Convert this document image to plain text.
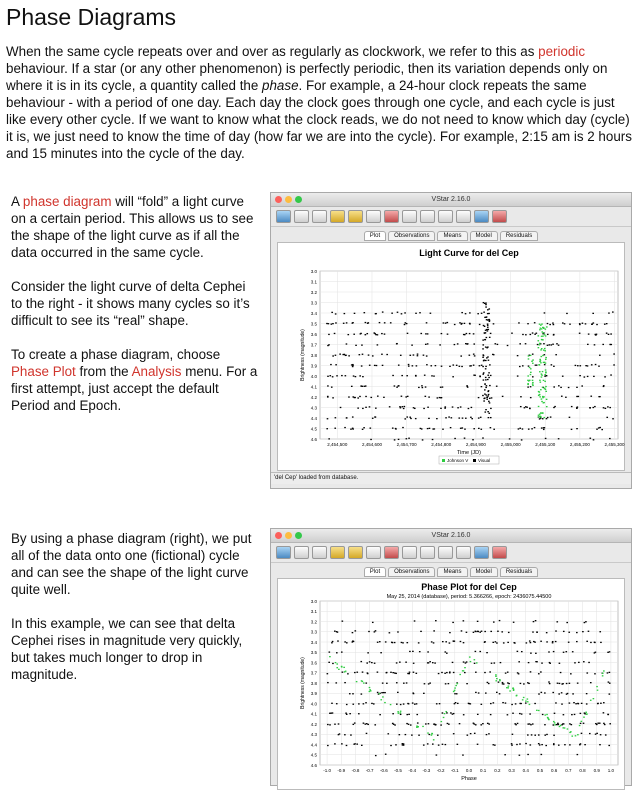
Phase Diagrams
When the same cycle repeats over and over as regularly as clockwork, we refer to this as periodic behaviour. If a star (or any other phenomenon) is perfectly periodic, then its variation depends only on where it is in its cycle, a quantity called the phase. For example, a 24-hour clock repeats the same behaviour - with a period of one day. Each day the clock goes through one cycle, and each cycle is just like every other cycle. If we want to know what the clock reads, we do not need to know which day (cycle) it is, we just need to know the time of day (how far we are into the cycle). For example, 2:15 am is 2 hours and 15 minutes into the cycle of the day.

A phase diagram will “fold” a light curve on a certain period. This allows us to see the shape of the light curve as if all the data occurred in the same cycle.

Consider the light curve of delta Cephei to the right - it shows many cycles so it’s difficult to see its “real” shape.

To create a phase diagram, choose Phase Plot from the Analysis menu. For a first attempt, just accept the default Period and Epoch.

By using a phase diagram (right), we put all of the data onto one (fictional) cycle and can see the shape of the light curve quite well.

In this example, we can see that delta Cephei rises in magnitude very quickly, but takes much longer to drop in magnitude.

VStar 2.16.0
Plot	Observations	Means	Model	Residuals
Light Curve for del Cep
3.0
3.1
3.2
3.3
3.4
3.5
3.6
3.7
3.8
3.9
4.0
4.1
4.2
4.3
4.4
4.5
4.6
2,454,500	2,454,600	2,454,700	2,454,800	2,454,900	2,455,000	2,455,100	2,455,200	2,455,300
Time (JD)
Brightness (magnitude)
Johnson V Visual
'del Cep' loaded from database.
VStar 2.16.0
Plot	Observations	Means	Model	Residuals
Phase Plot for del Cep
May 25, 2014 (database), period: 5.366266, epoch: 2436075.44500
3.0
3.1
3.2
3.3
3.4
3.5
3.6
3.7
3.8
3.9
4.0
4.1
4.2
4.3
4.4
4.5
4.6
-1.0 -0.9 -0.8 -0.7 -0.6 -0.5 -0.4 -0.3 -0.2 -0.1 0.0 0.1 0.2 0.3 0.4 0.5 0.6 0.7 0.8 0.9 1.0
Phase
Brightness (magnitude)
